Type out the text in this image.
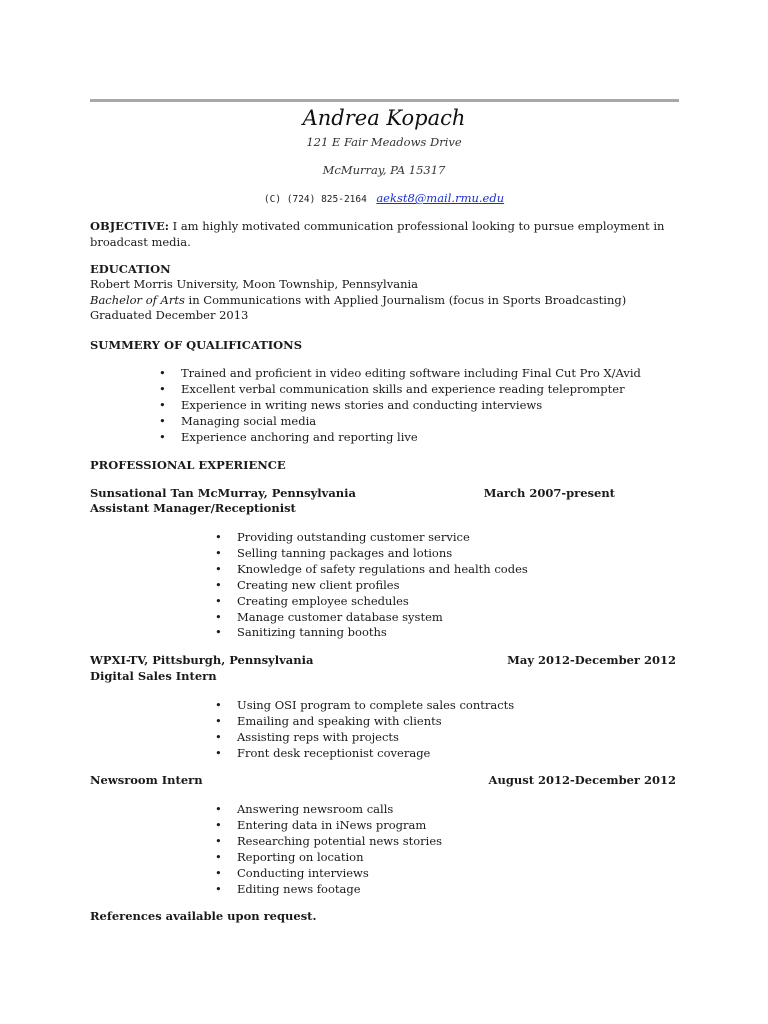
Andrea Kopach
121 E Fair Meadows Drive
McMurray, PA 15317
(C) (724) 825-2164 aekst8@mail.rmu.edu
OBJECTIVE: I am highly motivated communication professional looking to pursue employment in broadcast media.
EDUCATION
Robert Morris University, Moon Township, Pennsylvania
Bachelor of Arts in Communications with Applied Journalism (focus in Sports Broadcasting)
Graduated December 2013
SUMMERY OF QUALIFICATIONS
• Trained and proficient in video editing software including Final Cut Pro X/Avid
• Excellent verbal communication skills and experience reading teleprompter
• Experience in writing news stories and conducting interviews
• Managing social media
• Experience anchoring and reporting live
PROFESSIONAL EXPERIENCE
Sunsational Tan McMurray, Pennsylvania	March 2007-present
Assistant Manager/Receptionist
• Providing outstanding customer service
• Selling tanning packages and lotions
• Knowledge of safety regulations and health codes
• Creating new client profiles
• Creating employee schedules
• Manage customer database system
• Sanitizing tanning booths
WPXI-TV, Pittsburgh, Pennsylvania	May 2012-December 2012
Digital Sales Intern
• Using OSI program to complete sales contracts
• Emailing and speaking with clients
• Assisting reps with projects
• Front desk receptionist coverage
Newsroom Intern	August 2012-December 2012
• Answering newsroom calls
• Entering data in iNews program
• Researching potential news stories
• Reporting on location
• Conducting interviews
• Editing news footage
References available upon request.
